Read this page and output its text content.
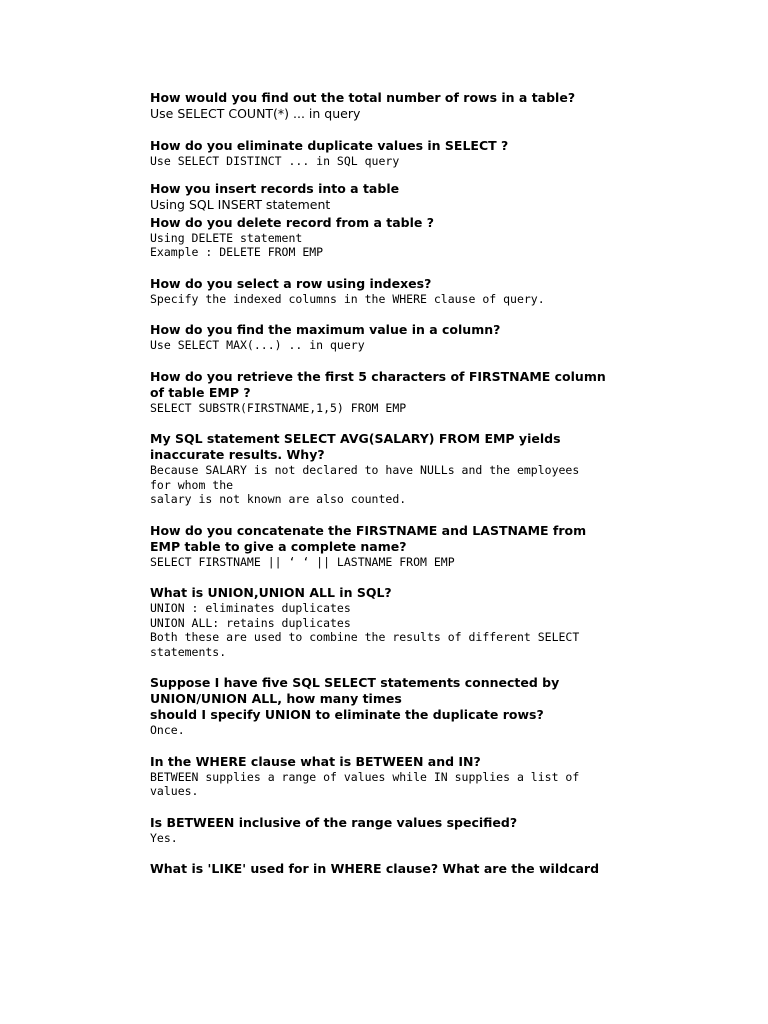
How would you find out the total number of rows in a table?
Use SELECT COUNT(*) ... in query
How do you eliminate duplicate values in SELECT ?
Use SELECT DISTINCT ... in SQL query
How you insert records into a table
Using SQL INSERT statement
How do you delete record from a table ?
Using DELETE statement
Example : DELETE FROM EMP
How do you select a row using indexes?
Specify the indexed columns in the WHERE clause of query.
How do you find the maximum value in a column?
Use SELECT MAX(...) .. in query
How do you retrieve the first 5 characters of FIRSTNAME column
of table EMP ?
SELECT SUBSTR(FIRSTNAME,1,5) FROM EMP
My SQL statement SELECT AVG(SALARY) FROM EMP yields
inaccurate results. Why?
Because SALARY is not declared to have NULLs and the employees
for whom the
salary is not known are also counted.
How do you concatenate the FIRSTNAME and LASTNAME from
EMP table to give a complete name?
SELECT FIRSTNAME || ‘ ‘ || LASTNAME FROM EMP
What is UNION,UNION ALL in SQL?
UNION : eliminates duplicates
UNION ALL: retains duplicates
Both these are used to combine the results of different SELECT
statements.
Suppose I have five SQL SELECT statements connected by
UNION/UNION ALL, how many times
should I specify UNION to eliminate the duplicate rows?
Once.
In the WHERE clause what is BETWEEN and IN?
BETWEEN supplies a range of values while IN supplies a list of
values.
Is BETWEEN inclusive of the range values specified?
Yes.
What is 'LIKE' used for in WHERE clause? What are the wildcard
